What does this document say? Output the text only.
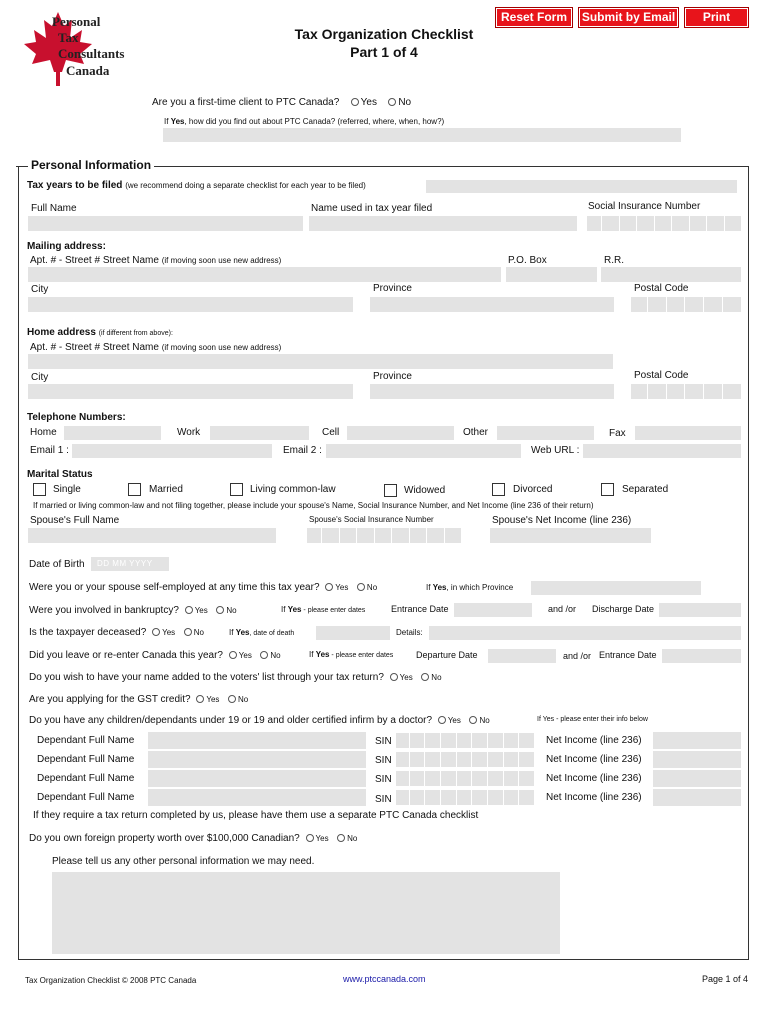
Personal
Tax
Consultants
Canada
Tax Organization Checklist
Part 1 of 4
Reset Form	Submit by Email	Print
Are you a first-time client to PTC Canada? Yes No
If Yes, how did you find out about PTC Canada? (referred, where, when, how?)
Personal Information
Tax years to be filed (we recommend doing a separate checklist for each year to be filed)
Full Name	Name used in tax year filed	Social Insurance Number
Mailing address:
Apt. # - Street # Street Name (if moving soon use new address)	P.O. Box	R.R.
City	Province	Postal Code
Home address (if different from above):
Apt. # - Street # Street Name (if moving soon use new address)
City	Province	Postal Code
Telephone Numbers:
Home	Work	Cell	Other	Fax
Email 1 :	Email 2 :	Web URL :
Marital Status
Single	Married	Living common-law	Widowed	Divorced	Separated
If married or living common-law and not filing together, please include your spouse's Name, Social Insurance Number, and Net Income (line 236 of their return)
Spouse's Full Name	Spouse's Social Insurance Number	Spouse's Net Income (line 236)
Date of Birth	DD MM YYYY
Were you or your spouse self-employed at any time this tax year? Yes No	If Yes, in which Province
Were you involved in bankruptcy? Yes No	If Yes - please enter dates	Entrance Date	and /or Discharge Date
Is the taxpayer deceased? Yes No	If Yes, date of death	Details:
Did you leave or re-enter Canada this year? Yes No	If Yes - please enter dates	Departure Date	and /or Entrance Date
Do you wish to have your name added to the voters' list through your tax return? Yes No
Are you applying for the GST credit? Yes No
Do you have any children/dependants under 19 or 19 and older certified infirm by a doctor? Yes No	If Yes - please enter their info below
Dependant Full Name	SIN	Net Income (line 236)
Dependant Full Name	SIN	Net Income (line 236)
Dependant Full Name	SIN	Net Income (line 236)
Dependant Full Name	SIN	Net Income (line 236)
If they require a tax return completed by us, please have them use a separate PTC Canada checklist
Do you own foreign property worth over $100,000 Canadian? Yes No
Please tell us any other personal information we may need.
Tax Organization Checklist © 2008 PTC Canada	www.ptccanada.com	Page 1 of 4
